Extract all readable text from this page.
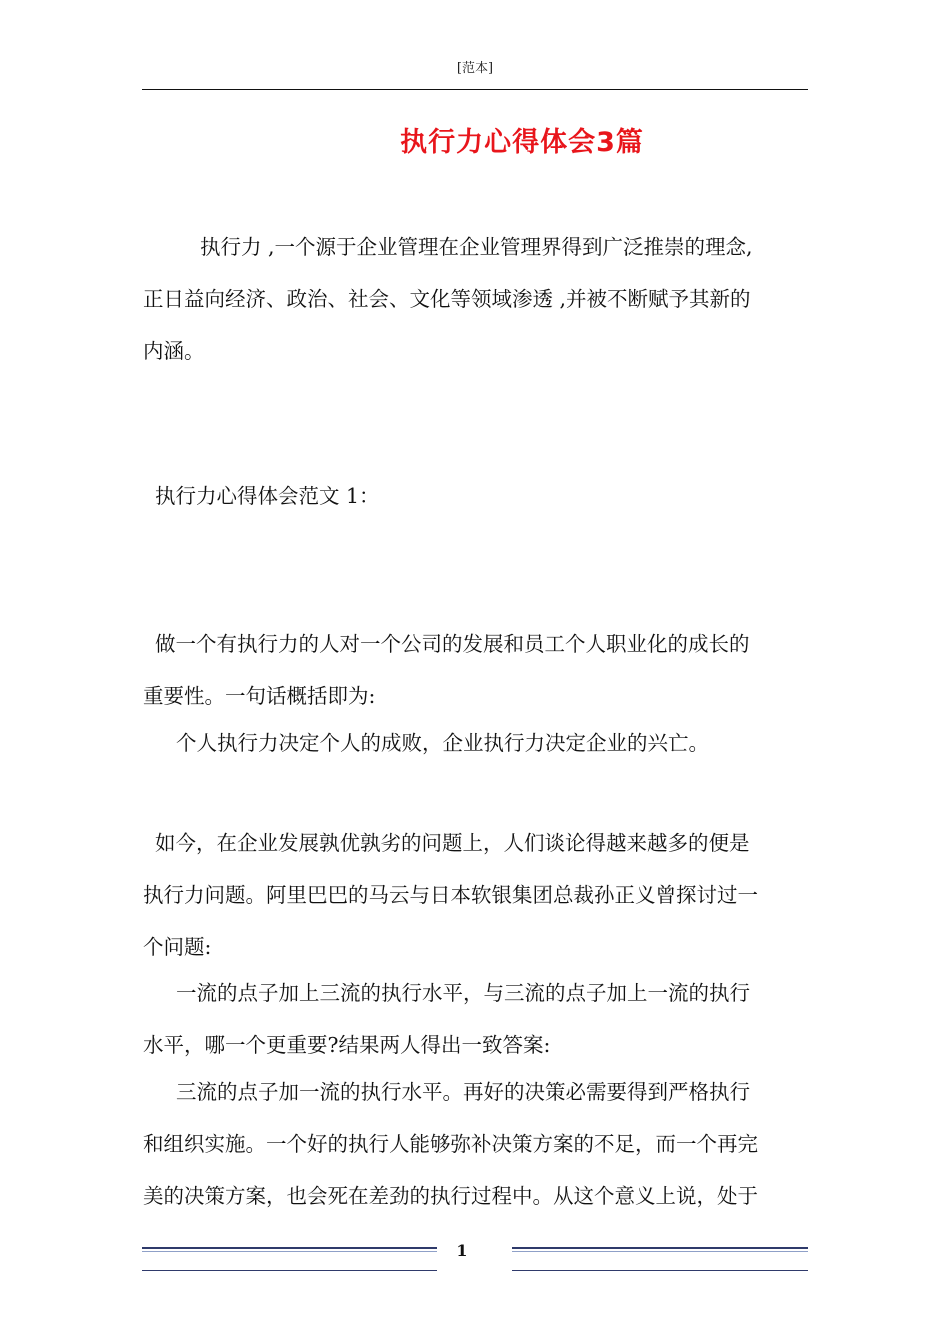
[范本]
执行力心得体会3篇
执行力 ,一个源于企业管理在企业管理界得到广泛推崇的理念,
正日益向经济、政治、社会、文化等领域渗透 ,并被不断赋予其新的
内涵。
执行力心得体会范文 1：
做一个有执行力的人对一个公司的发展和员工个人职业化的成长的
重要性。一句话概括即为:
个人执行力决定个人的成败，企业执行力决定企业的兴亡。
如今，在企业发展孰优孰劣的问题上，人们谈论得越来越多的便是
执行力问题。阿里巴巴的马云与日本软银集团总裁孙正义曾探讨过一
个问题:
一流的点子加上三流的执行水平，与三流的点子加上一流的执行
水平，哪一个更重要?结果两人得出一致答案:
三流的点子加一流的执行水平。再好的决策必需要得到严格执行
和组织实施。一个好的执行人能够弥补决策方案的不足，而一个再完
美的决策方案，也会死在差劲的执行过程中。从这个意义上说，处于
1
